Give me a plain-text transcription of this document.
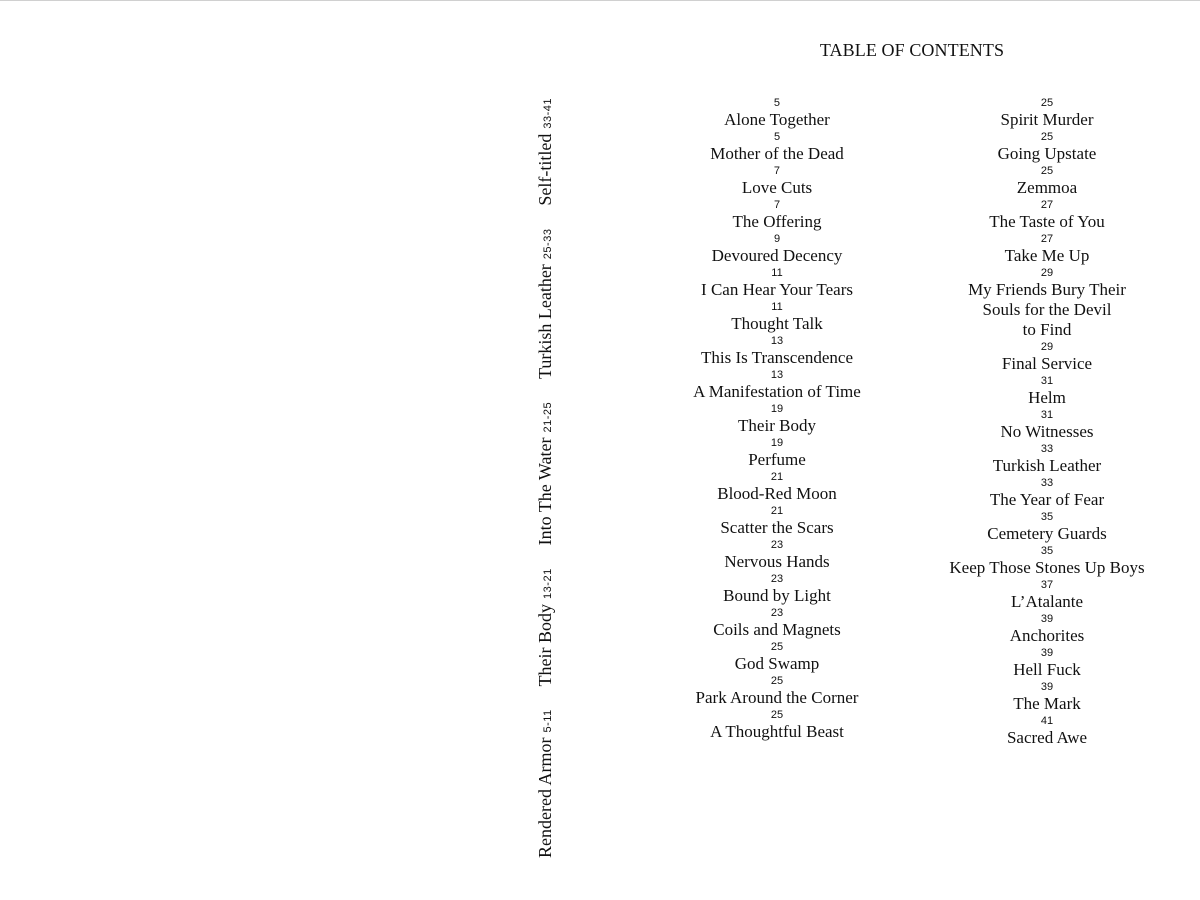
TABLE OF CONTENTS
Rendered Armor
5-11
Their Body
13-21
Into The Water
21-25
Turkish Leather
25-33
Self-titled
33-41	5
Alone Together
5
Mother of the Dead
7
Love Cuts
7
The Offering
9
Devoured Decency
11
I Can Hear Your Tears
11
Thought Talk
13
This Is Transcendence
13
A Manifestation of Time
19
Their Body
19
Perfume
21
Blood-Red Moon
21
Scatter the Scars
23
Nervous Hands
23
Bound by Light
23
Coils and Magnets
25
God Swamp
25
Park Around the Corner
25
A Thoughtful Beast
25
Spirit Murder
25
Going Upstate
25
Zemmoa
27
The Taste of You
27
Take Me Up
29
My Friends Bury Their
Souls for the Devil
to Find
29
Final Service
31
Helm
31
No Witnesses
33
Turkish Leather
33
The Year of Fear
35
Cemetery Guards
35
Keep Those Stones Up Boys
37
L’Atalante
39
Anchorites
39
Hell Fuck
39
The Mark
41
Sacred Awe
